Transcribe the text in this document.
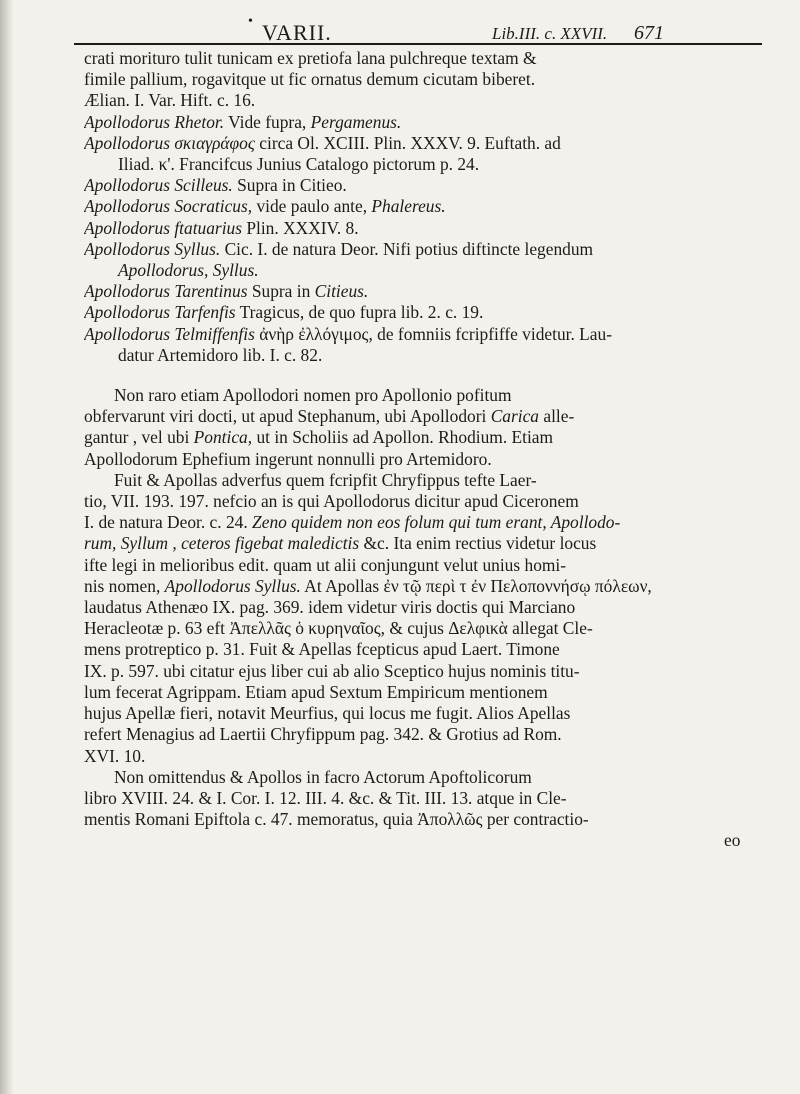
• VARII.	Lib.III. c. XXVII. 671
crati morituro tulit tunicam ex pretiofa lana pulchreque textam &
fimile pallium, rogavitque ut fic ornatus demum cicutam biberet.
Ælian. I. Var. Hift. c. 16.
Apollodorus Rhetor. Vide fupra, Pergamenus.
Apollodorus σκιαγράφος circa Ol. XCIII. Plin. XXXV. 9. Euftath. ad
Iliad. κ'. Francifcus Junius Catalogo pictorum p. 24.
Apollodorus Scilleus. Supra in Citieo.
Apollodorus Socraticus, vide paulo ante, Phalereus.
Apollodorus ftatuarius Plin. XXXIV. 8.
Apollodorus Syllus. Cic. I. de natura Deor. Nifi potius diftincte legendum
Apollodorus, Syllus.
Apollodorus Tarentinus Supra in Citieus.
Apollodorus Tarfenfis Tragicus, de quo fupra lib. 2. c. 19.
Apollodorus Telmiffenfis ἀνὴρ ἐλλόγιμος, de fomniis fcripfiffe videtur. Lau-
datur Artemidoro lib. I. c. 82.
Non raro etiam Apollodori nomen pro Apollonio pofitum
obfervarunt viri docti, ut apud Stephanum, ubi Apollodori Carica alle-
gantur , vel ubi Pontica, ut in Scholiis ad Apollon. Rhodium. Etiam
Apollodorum Ephefium ingerunt nonnulli pro Artemidoro.
Fuit & Apollas adverfus quem fcripfit Chryfippus tefte Laer-
tio, VII. 193. 197. nefcio an is qui Apollodorus dicitur apud Ciceronem
I. de natura Deor. c. 24. Zeno quidem non eos folum qui tum erant, Apollodo-
rum, Syllum , ceteros figebat maledictis &c. Ita enim rectius videtur locus
ifte legi in melioribus edit. quam ut alii conjungunt velut unius homi-
nis nomen, Apollodorus Syllus. At Apollas ἐν τῷ περὶ τ ἐν Πελοποννήσῳ πόλεων,
laudatus Athenæo IX. pag. 369. idem videtur viris doctis qui Marciano
Heracleotæ p. 63 eft Ἀπελλᾶς ὁ κυρηναῖος, & cujus Δελφικὰ allegat Cle-
mens protreptico p. 31. Fuit & Apellas fcepticus apud Laert. Timone
IX. p. 597. ubi citatur ejus liber cui ab alio Sceptico hujus nominis titu-
lum fecerat Agrippam. Etiam apud Sextum Empiricum mentionem
hujus Apellæ fieri, notavit Meurfius, qui locus me fugit. Alios Apellas
refert Menagius ad Laertii Chryfippum pag. 342. & Grotius ad Rom.
XVI. 10.
Non omittendus & Apollos in facro Actorum Apoftolicorum
libro XVIII. 24. & I. Cor. I. 12. III. 4. &c. & Tit. III. 13. atque in Cle-
mentis Romani Epiftola c. 47. memoratus, quia Ἀπολλῶς per contractio-
eo
